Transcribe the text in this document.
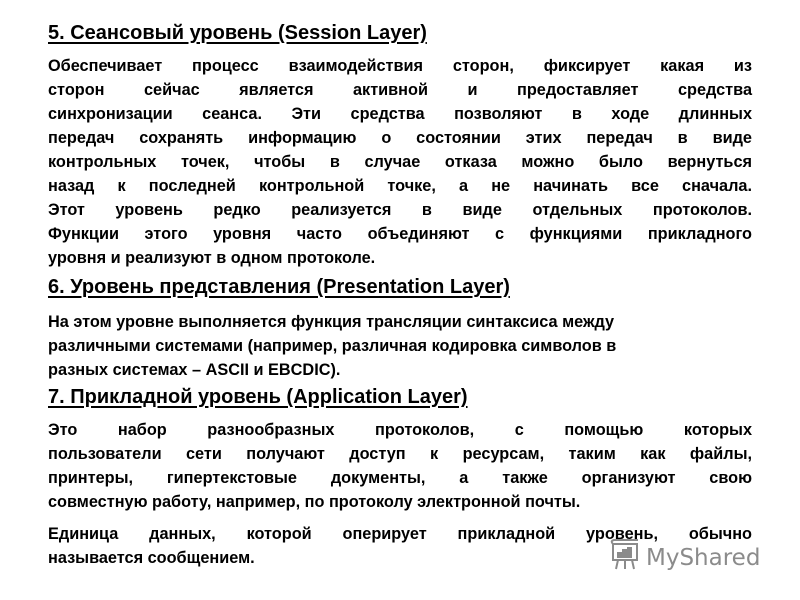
5. Сеансовый уровень (Session Layer)
Обеспечивает процесс взаимодействия сторон, фиксирует какая из
сторон сейчас является активной и предоставляет средства
синхронизации сеанса. Эти средства позволяют в ходе длинных
передач сохранять информацию о состоянии этих передач в виде
контрольных точек, чтобы в случае отказа можно было вернуться
назад к последней контрольной точке, а не начинать все сначала.
Этот уровень редко реализуется в виде отдельных протоколов.
Функции этого уровня часто объединяют с функциями прикладного
уровня и реализуют в одном протоколе.
6. Уровень представления (Presentation Layer)
На этом уровне выполняется функция трансляции синтаксиса между
различными системами (например, различная кодировка символов в
разных системах – ASCII и EBCDIC).
7. Прикладной уровень (Application Layer)
Это набор разнообразных протоколов, с помощью которых
пользователи сети получают доступ к ресурсам, таким как файлы,
принтеры, гипертекстовые документы, а также организуют свою
совместную работу, например, по протоколу электронной почты.
Единица данных, которой оперирует прикладной уровень, обычно
называется сообщением.	MyShared
